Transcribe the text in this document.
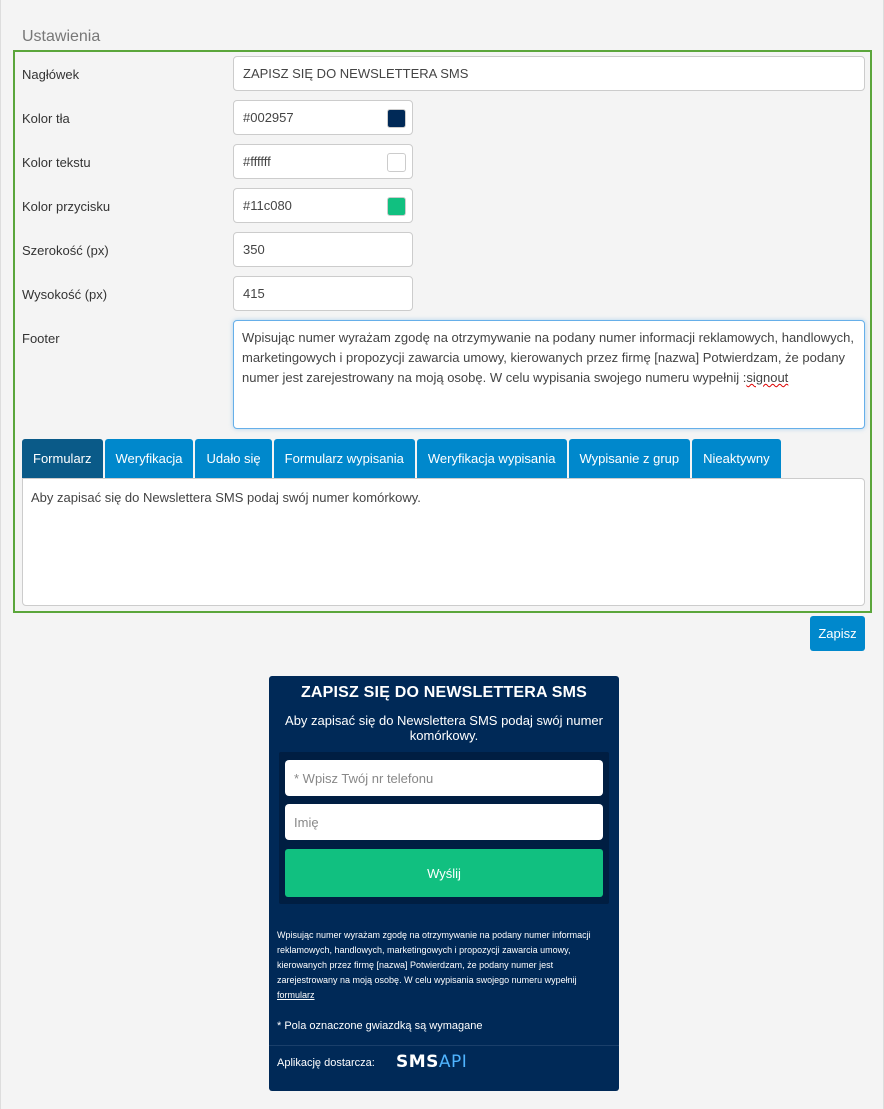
Ustawienia
Nagłówek	ZAPISZ SIĘ DO NEWSLETTERA SMS
Kolor tła	#002957
Kolor tekstu	#ffffff
Kolor przycisku	#11c080
Szerokość (px)	350
Wysokość (px)	415
Footer	Wpisując numer wyrażam zgodę na otrzymywanie na podany numer informacji reklamowych, handlowych, marketingowych i propozycji zawarcia umowy, kierowanych przez firmę [nazwa] Potwierdzam, że podany numer jest zarejestrowany na moją osobę. W celu wypisania swojego numeru wypełnij :signout
Formularz	Weryfikacja	Udało się	Formularz wypisania	Weryfikacja wypisania	Wypisanie z grup	Nieaktywny
Aby zapisać się do Newslettera SMS podaj swój numer komórkowy.
Zapisz
ZAPISZ SIĘ DO NEWSLETTERA SMS
Aby zapisać się do Newslettera SMS podaj swój numer komórkowy.
* Wpisz Twój nr telefonu
Imię
Wyślij
Wpisując numer wyrażam zgodę na otrzymywanie na podany numer informacji reklamowych, handlowych, marketingowych i propozycji zawarcia umowy, kierowanych przez firmę [nazwa] Potwierdzam, że podany numer jest zarejestrowany na moją osobę. W celu wypisania swojego numeru wypełnij
formularz
* Pola oznaczone gwiazdką są wymagane
Aplikację dostarcza: SMSAPI
